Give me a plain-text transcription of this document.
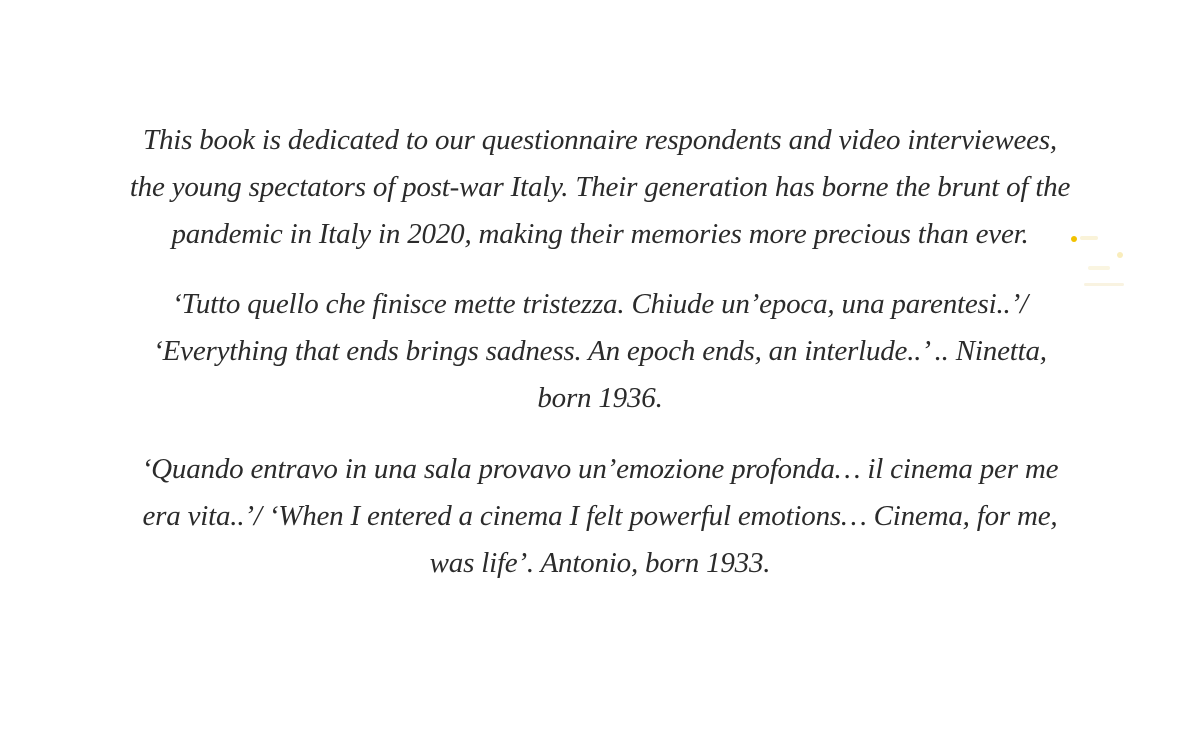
This book is dedicated to our questionnaire respondents and video interviewees,
the young spectators of post-war Italy. Their generation has borne the brunt of the
pandemic in Italy in 2020, making their memories more precious than ever.

‘Tutto quello che finisce mette tristezza. Chiude un’epoca, una parentesi..’/
‘Everything that ends brings sadness. An epoch ends, an interlude..’ .. Ninetta,
born 1936.

‘Quando entravo in una sala provavo un’emozione profonda… il cinema per me
era vita..’/ ‘When I entered a cinema I felt powerful emotions… Cinema, for me,
was life’. Antonio, born 1933.
